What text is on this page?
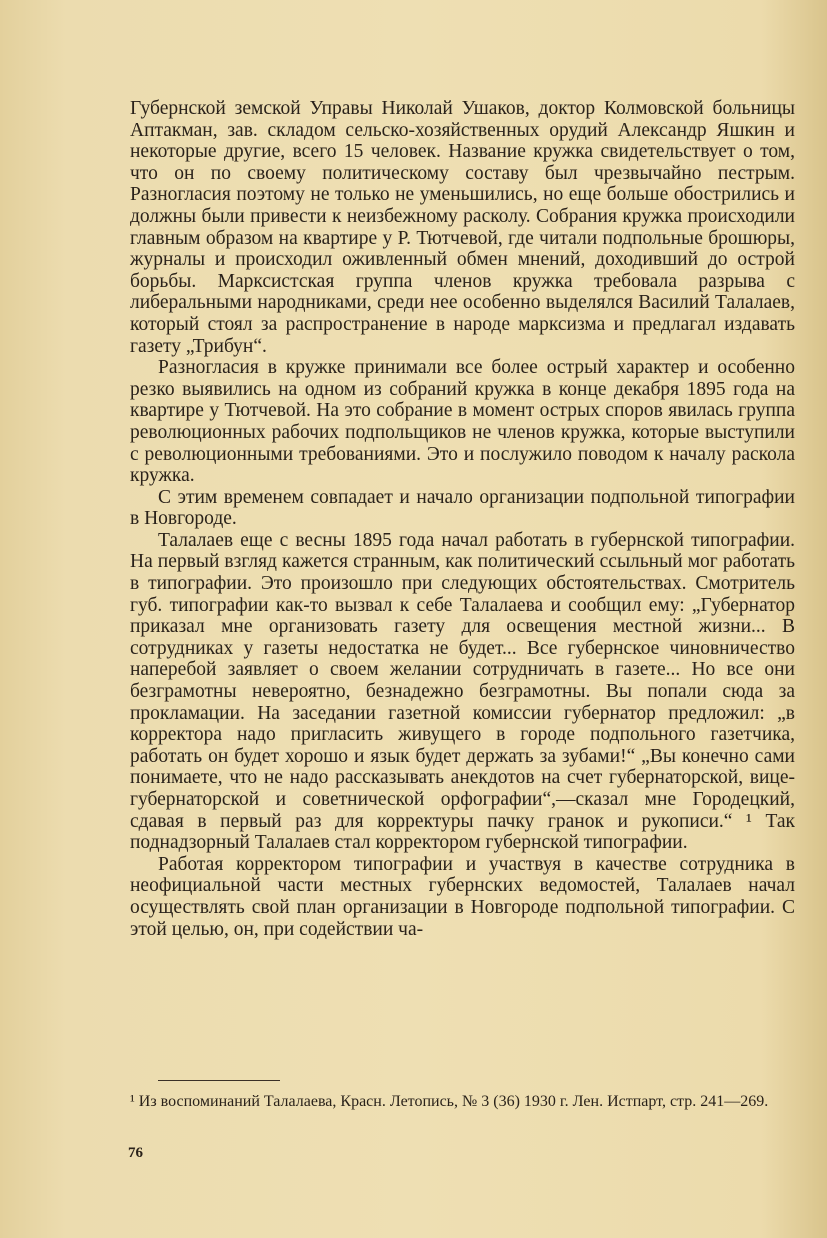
Губернской земской Управы Николай Ушаков, доктор Колмовской больницы Аптакман, зав. складом сельско-хозяйственных орудий Александр Яшкин и некоторые другие, всего 15 человек. Название кружка свидетельствует о том, что он по своему политическому составу был чрезвычайно пестрым. Разногласия поэтому не только не уменьшились, но еще больше обострились и должны были привести к неизбежному расколу. Собрания кружка происходили главным образом на квартире у Р. Тютчевой, где читали подпольные брошюры, журналы и происходил оживленный обмен мнений, доходивший до острой борьбы. Марксистская группа членов кружка требовала разрыва с либеральными народниками, среди нее особенно выделялся Василий Талалаев, который стоял за распространение в народе марксизма и предлагал издавать газету „Трибун“.

Разногласия в кружке принимали все более острый характер и особенно резко выявились на одном из собраний кружка в конце декабря 1895 года на квартире у Тютчевой. На это собрание в момент острых споров явилась группа революционных рабочих подпольщиков не членов кружка, которые выступили с революционными требованиями. Это и послужило поводом к началу раскола кружка.

С этим временем совпадает и начало организации подпольной типографии в Новгороде.

Талалаев еще с весны 1895 года начал работать в губернской типографии. На первый взгляд кажется странным, как политический ссыльный мог работать в типографии. Это произошло при следующих обстоятельствах. Смотритель губ. типографии как-то вызвал к себе Талалаева и сообщил ему: „Губернатор приказал мне организовать газету для освещения местной жизни... В сотрудниках у газеты недостатка не будет... Все губернское чиновничество наперебой заявляет о своем желании сотрудничать в газете... Но все они безграмотны невероятно, безнадежно безграмотны. Вы попали сюда за прокламации. На заседании газетной комиссии губернатор предложил: „в корректора надо пригласить живущего в городе подпольного газетчика, работать он будет хорошо и язык будет держать за зубами!“ „Вы конечно сами понимаете, что не надо рассказывать анекдотов на счет губернаторской, вице-губернаторской и советнической орфографии“,—сказал мне Городецкий, сдавая в первый раз для корректуры пачку гранок и рукописи.“ ¹ Так поднадзорный Талалаев стал корректором губернской типографии.

Работая корректором типографии и участвуя в качестве сотрудника в неофициальной части местных губернских ведомостей, Талалаев начал осуществлять свой план организации в Новгороде подпольной типографии. С этой целью, он, при содействии ча-

¹ Из воспоминаний Талалаева, Красн. Летопись, № 3 (36) 1930 г. Лен. Истпарт, стр. 241—269.
76
